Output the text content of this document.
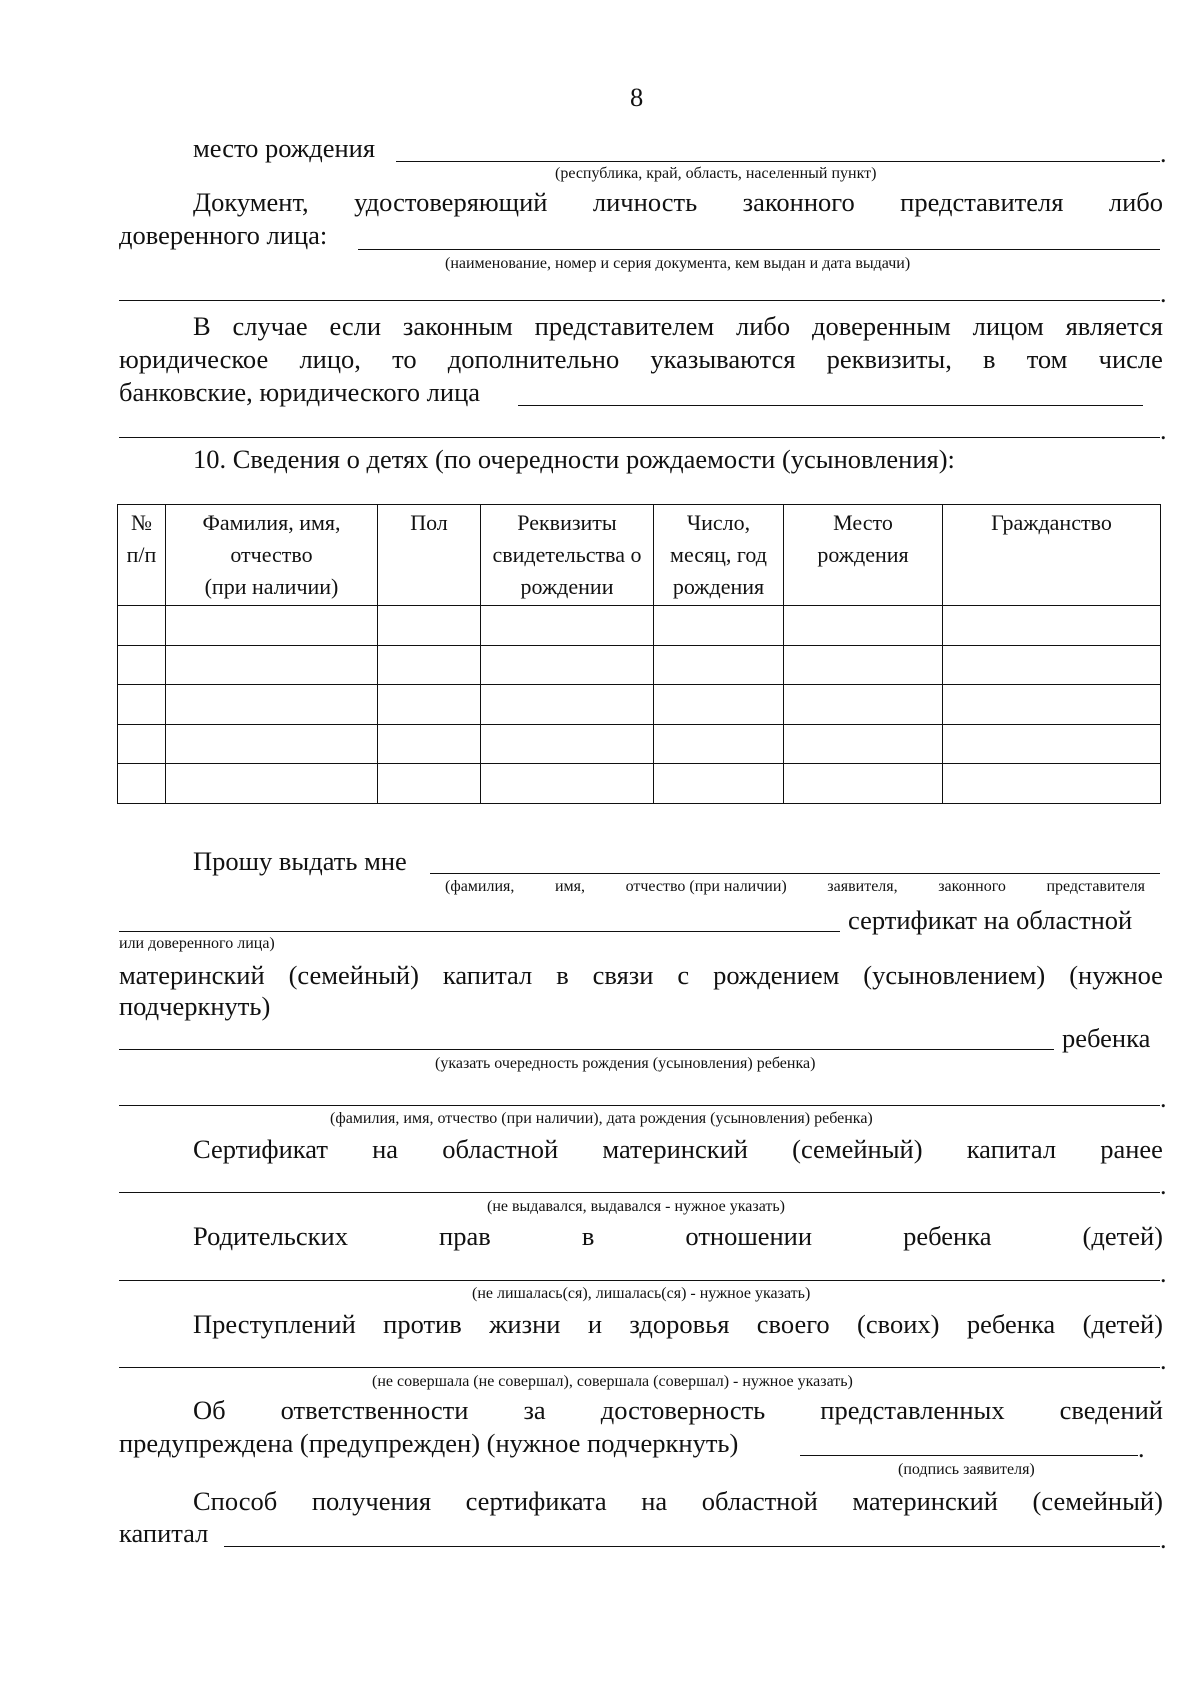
8
место рождения	.
(республика, край, область, населенный пункт)
Документ, удостоверяющий личность законного представителя либо
доверенного лица:
(наименование, номер и серия документа, кем выдан и дата выдачи)
.
В случае если законным представителем либо доверенным лицом является
юридическое лицо, то дополнительно указываются реквизиты, в том числе
банковские, юридического лица
.
10. Сведения о детях (по очередности рождаемости (усыновления):
№
п/п	Фамилия, имя,
отчество
(при наличии)	Пол	Реквизиты
свидетельства о
рождении	Число,
месяц, год
рождения	Место
рождения	Гражданство

Прошу выдать мне
(фамилия,	имя,	отчество (при наличии)	заявителя,	законного	представителя
сертификат на областной
или доверенного лица)
материнский (семейный) капитал в связи с рождением (усыновлением) (нужное
подчеркнуть)
ребенка
(указать очередность рождения (усыновления) ребенка)
.
(фамилия, имя, отчество (при наличии), дата рождения (усыновления) ребенка)
Сертификат на областной материнский (семейный) капитал ранее
.
(не выдавался, выдавался - нужное указать)
Родительских	прав	в	отношении	ребенка	(детей)
.
(не лишалась(ся), лишалась(ся) - нужное указать)
Преступлений против жизни и здоровья своего (своих) ребенка (детей)
.
(не совершала (не совершал), совершала (совершал) - нужное указать)
Об ответственности за достоверность представленных сведений
предупреждена (предупрежден) (нужное подчеркнуть)	.
(подпись заявителя)
Способ получения сертификата на областной материнский (семейный)
капитал	.
